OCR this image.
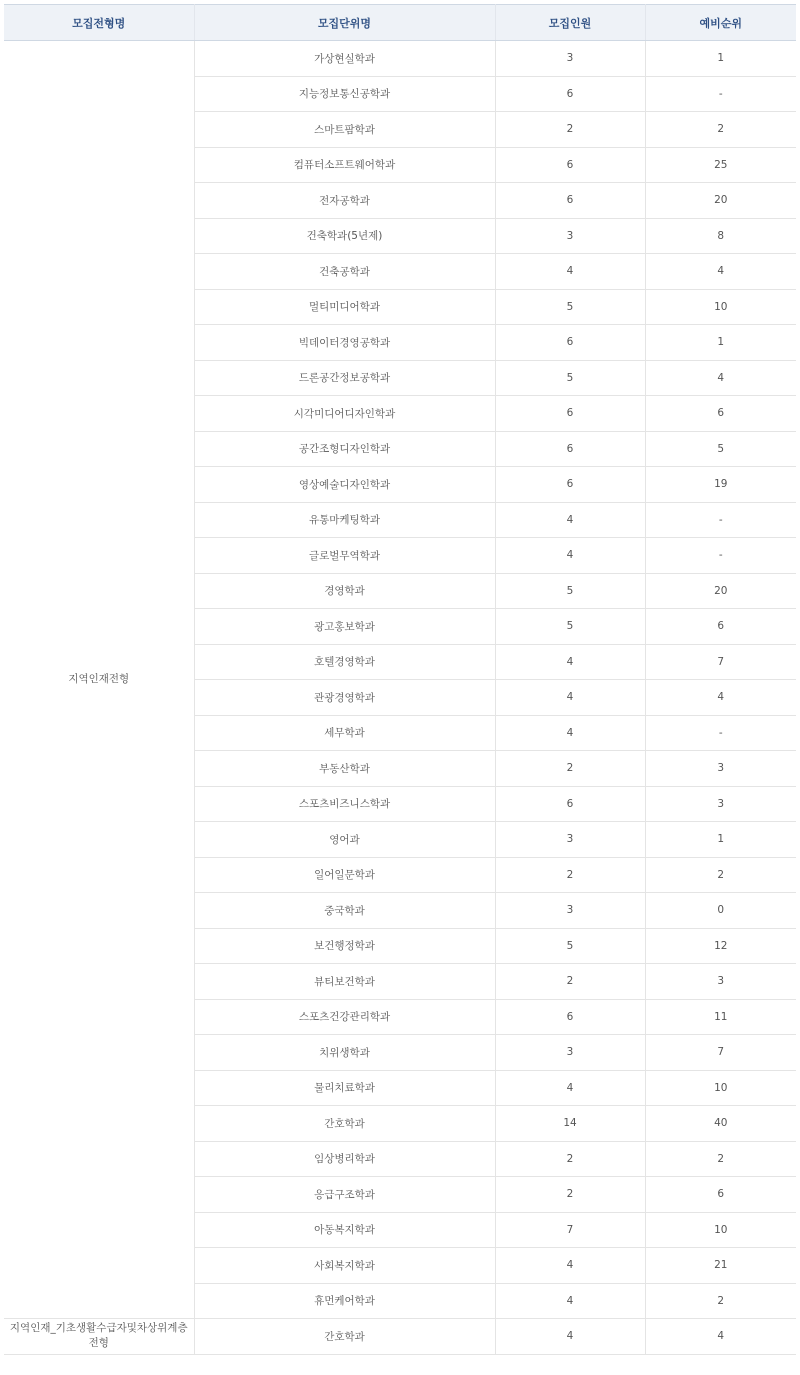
모집전형명	모집단위명	모집인원	예비순위
지역인재전형	가상현실학과	3	1
	지능정보통신공학과	6	-
	스마트팜학과	2	2
	컴퓨터소프트웨어학과	6	25
	전자공학과	6	20
	건축학과(5년제)	3	8
	건축공학과	4	4
	멀티미디어학과	5	10
	빅데이터경영공학과	6	1
	드론공간정보공학과	5	4
	시각미디어디자인학과	6	6
	공간조형디자인학과	6	5
	영상예술디자인학과	6	19
	유통마케팅학과	4	-
	글로벌무역학과	4	-
	경영학과	5	20
	광고홍보학과	5	6
	호텔경영학과	4	7
	관광경영학과	4	4
	세무학과	4	-
	부동산학과	2	3
	스포츠비즈니스학과	6	3
	영어과	3	1
	일어일문학과	2	2
	중국학과	3	0
	보건행정학과	5	12
	뷰티보건학과	2	3
	스포츠건강관리학과	6	11
	치위생학과	3	7
	물리치료학과	4	10
	간호학과	14	40
	임상병리학과	2	2
	응급구조학과	2	6
	아동복지학과	7	10
	사회복지학과	4	21
	휴먼케어학과	4	2
지역인재_기초생활수급자및차상위계층전형	간호학과	4	4
